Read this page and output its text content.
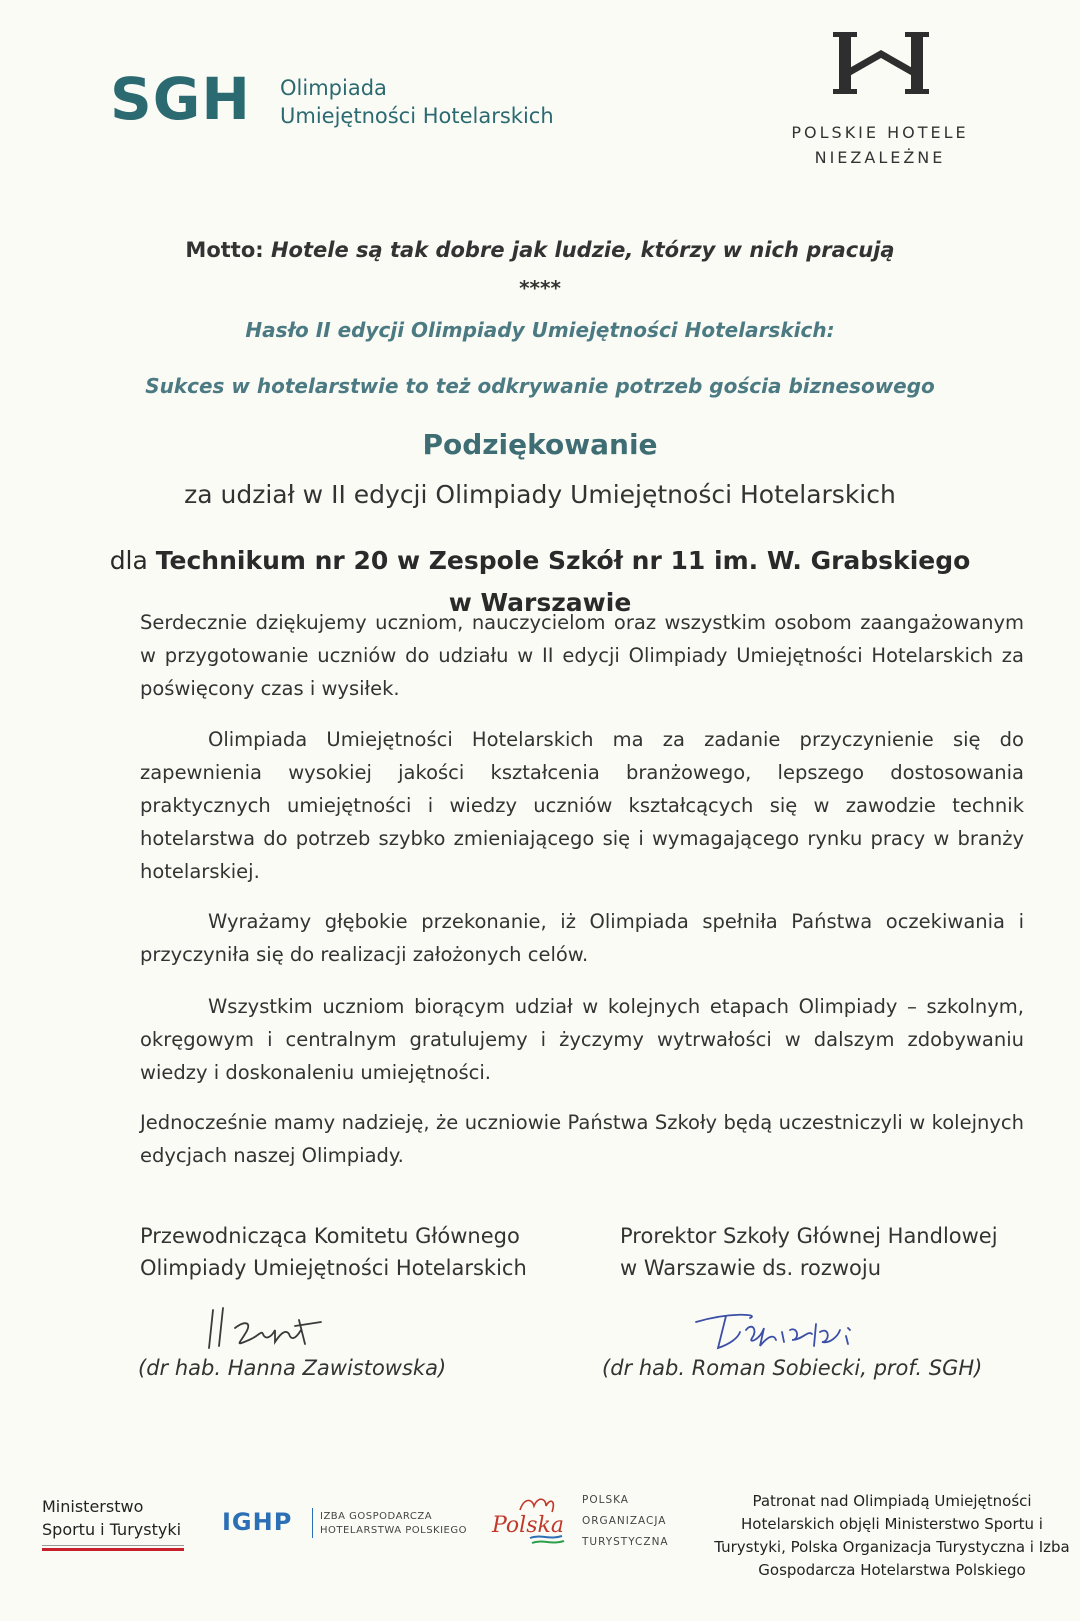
SGH Olimpiada
Umiejętności Hotelarskich
POLSKIE HOTELE
NIEZALEŻNE
Motto: Hotele są tak dobre jak ludzie, którzy w nich pracują
****
Hasło II edycji Olimpiady Umiejętności Hotelarskich:
Sukces w hotelarstwie to też odkrywanie potrzeb gościa biznesowego
Podziękowanie
za udział w II edycji Olimpiady Umiejętności Hotelarskich
dla Technikum nr 20 w Zespole Szkół nr 11 im. W. Grabskiego
w Warszawie

Serdecznie dziękujemy uczniom, nauczycielom oraz wszystkim osobom zaangażowanym w przygotowanie uczniów do udziału w II edycji Olimpiady Umiejętności Hotelarskich za poświęcony czas i wysiłek.

Olimpiada Umiejętności Hotelarskich ma za zadanie przyczynienie się do zapewnienia wysokiej jakości kształcenia branżowego, lepszego dostosowania praktycznych umiejętności i wiedzy uczniów kształcących się w zawodzie technik hotelarstwa do potrzeb szybko zmieniającego się i wymagającego rynku pracy w branży hotelarskiej.

Wyrażamy głębokie przekonanie, iż Olimpiada spełniła Państwa oczekiwania i przyczyniła się do realizacji założonych celów.

Wszystkim uczniom biorącym udział w kolejnych etapach Olimpiady – szkolnym, okręgowym i centralnym gratulujemy i życzymy wytrwałości w dalszym zdobywaniu wiedzy i doskonaleniu umiejętności.

Jednocześnie mamy nadzieję, że uczniowie Państwa Szkoły będą uczestniczyli w kolejnych edycjach naszej Olimpiady.

Przewodnicząca Komitetu Głównego
Olimpiady Umiejętności Hotelarskich
(dr hab. Hanna Zawistowska)
Prorektor Szkoły Głównej Handlowej
w Warszawie ds. rozwoju
(dr hab. Roman Sobiecki, prof. SGH)
Ministerstwo
Sportu i Turystyki IGHP	IZBA GOSPODARCZA
HOTELARSTWA POLSKIEGO Polska
POLSKA
ORGANIZACJA
TURYSTYCZNA
Patronat nad Olimpiadą Umiejętności Hotelarskich objęli Ministerstwo Sportu i Turystyki, Polska Organizacja Turystyczna i Izba Gospodarcza Hotelarstwa Polskiego
